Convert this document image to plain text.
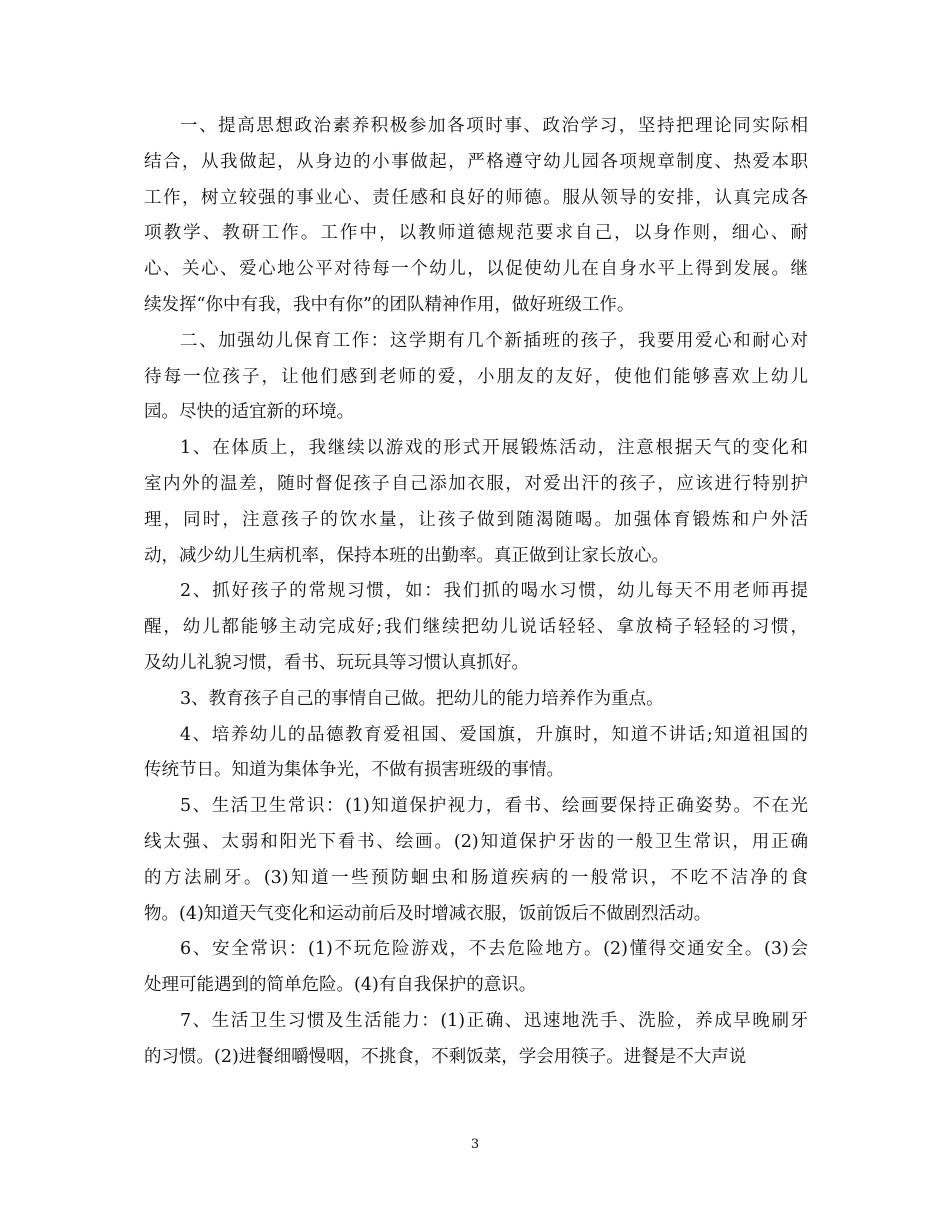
一、提高思想政治素养积极参加各项时事、政治学习，坚持把理论同实际相
结合，从我做起，从身边的小事做起，严格遵守幼儿园各项规章制度、热爱本职
工作，树立较强的事业心、责任感和良好的师德。服从领导的安排，认真完成各
项教学、教研工作。工作中，以教师道德规范要求自己，以身作则，细心、耐
心、关心、爱心地公平对待每一个幼儿，以促使幼儿在自身水平上得到发展。继
续发挥“你中有我，我中有你”的团队精神作用，做好班级工作。
二、加强幼儿保育工作：这学期有几个新插班的孩子，我要用爱心和耐心对
待每一位孩子，让他们感到老师的爱，小朋友的友好，使他们能够喜欢上幼儿
园。尽快的适宜新的环境。
1、在体质上，我继续以游戏的形式开展锻炼活动，注意根据天气的变化和
室内外的温差，随时督促孩子自己添加衣服，对爱出汗的孩子，应该进行特别护
理，同时，注意孩子的饮水量，让孩子做到随渴随喝。加强体育锻炼和户外活
动，减少幼儿生病机率，保持本班的出勤率。真正做到让家长放心。
2、抓好孩子的常规习惯，如：我们抓的喝水习惯，幼儿每天不用老师再提
醒，幼儿都能够主动完成好;我们继续把幼儿说话轻轻、拿放椅子轻轻的习惯，
及幼儿礼貌习惯，看书、玩玩具等习惯认真抓好。
3、教育孩子自己的事情自己做。把幼儿的能力培养作为重点。
4、培养幼儿的品德教育爱祖国、爱国旗，升旗时，知道不讲话;知道祖国的
传统节日。知道为集体争光，不做有损害班级的事情。
5、生活卫生常识：(1)知道保护视力，看书、绘画要保持正确姿势。不在光
线太强、太弱和阳光下看书、绘画。(2)知道保护牙齿的一般卫生常识，用正确
的方法刷牙。(3)知道一些预防蛔虫和肠道疾病的一般常识，不吃不洁净的食
物。(4)知道天气变化和运动前后及时增减衣服，饭前饭后不做剧烈活动。
6、安全常识：(1)不玩危险游戏，不去危险地方。(2)懂得交通安全。(3)会
处理可能遇到的简单危险。(4)有自我保护的意识。
7、生活卫生习惯及生活能力：(1)正确、迅速地洗手、洗脸，养成早晚刷牙
的习惯。(2)进餐细嚼慢咽，不挑食，不剩饭菜，学会用筷子。进餐是不大声说
3
